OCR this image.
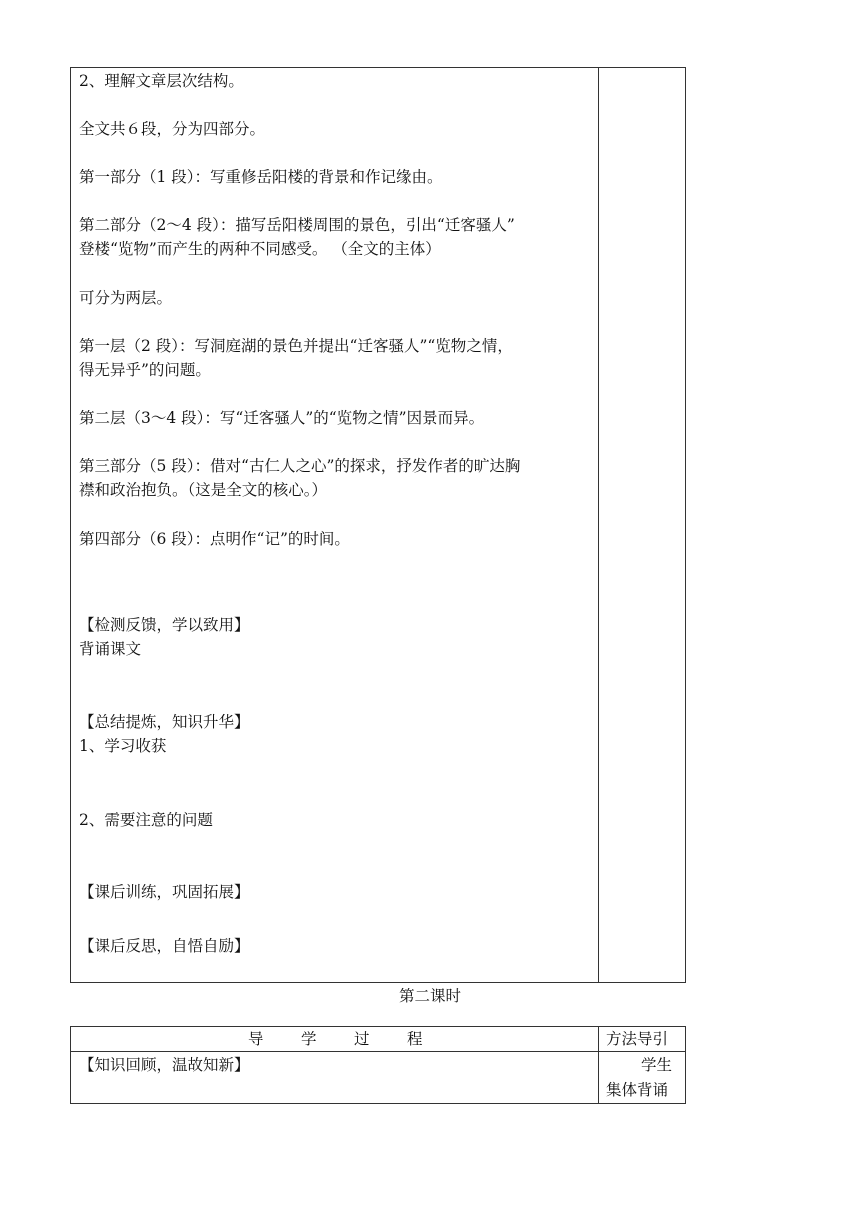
2、理解文章层次结构。
全文共６段，分为四部分。
第一部分（1 段）：写重修岳阳楼的背景和作记缘由。
第二部分（2～4 段）：描写岳阳楼周围的景色，引出“迁客骚人”
登楼“览物”而产生的两种不同感受。 （全文的主体）
可分为两层。
第一层（2 段）：写洞庭湖的景色并提出“迁客骚人”“览物之情，
得无异乎”的问题。
第二层（3～4 段）：写“迁客骚人”的“览物之情”因景而异。
第三部分（5 段）：借对“古仁人之心”的探求，抒发作者的旷达胸
襟和政治抱负。（这是全文的核心。）
第四部分（6 段）：点明作“记”的时间。
【检测反馈，学以致用】
背诵课文
【总结提炼，知识升华】
1、学习收获
2、需要注意的问题
【课后训练，巩固拓展】
【课后反思，自悟自励】
第二课时
导 学 过 程	方法导引
【知识回顾，温故知新】	学生
集体背诵
